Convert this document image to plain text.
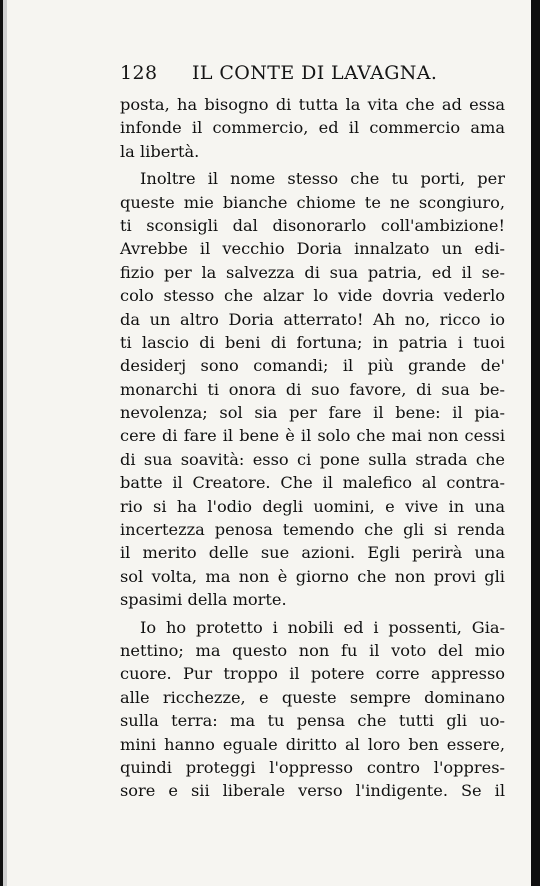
128 IL CONTE DI LAVAGNA.
posta, ha bisogno di tutta la vita che ad essa
infonde il commercio, ed il commercio ama
la libertà.
Inoltre il nome stesso che tu porti, per
queste mie bianche chiome te ne scongiuro,
ti sconsigli dal disonorarlo coll'ambizione!
Avrebbe il vecchio Doria innalzato un edi-
fizio per la salvezza di sua patria, ed il se-
colo stesso che alzar lo vide dovria vederlo
da un altro Doria atterrato! Ah no, ricco io
ti lascio di beni di fortuna; in patria i tuoi
desiderj sono comandi; il più grande de'
monarchi ti onora di suo favore, di sua be-
nevolenza; sol sia per fare il bene: il pia-
cere di fare il bene è il solo che mai non cessi
di sua soavità: esso ci pone sulla strada che
batte il Creatore. Che il malefico al contra-
rio si ha l'odio degli uomini, e vive in una
incertezza penosa temendo che gli si renda
il merito delle sue azioni. Egli perirà una
sol volta, ma non è giorno che non provi gli
spasimi della morte.
Io ho protetto i nobili ed i possenti, Gia-
nettino; ma questo non fu il voto del mio
cuore. Pur troppo il potere corre appresso
alle ricchezze, e queste sempre dominano
sulla terra: ma tu pensa che tutti gli uo-
mini hanno eguale diritto al loro ben essere,
quindi proteggi l'oppresso contro l'oppres-
sore e sii liberale verso l'indigente. Se il
